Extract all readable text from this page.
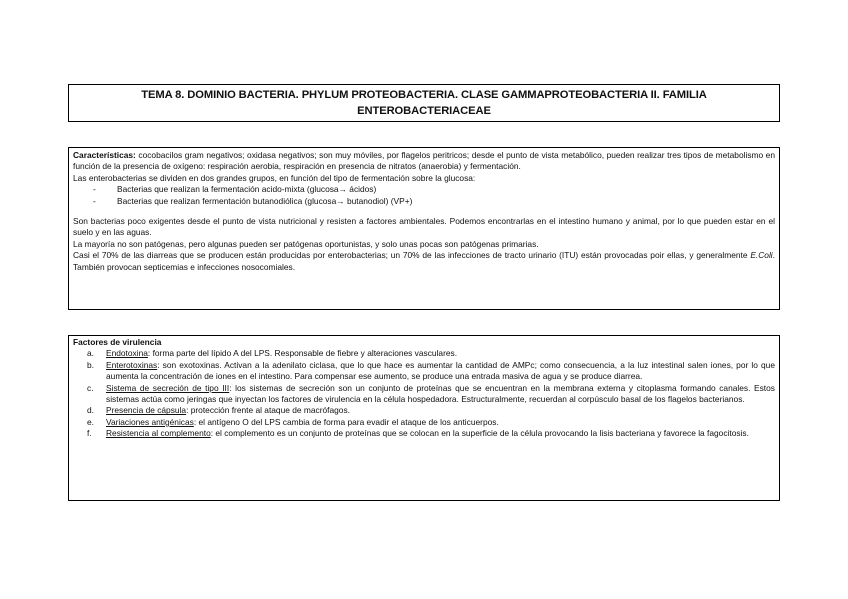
TEMA 8. DOMINIO BACTERIA. PHYLUM PROTEOBACTERIA. CLASE GAMMAPROTEOBACTERIA II. FAMILIA
ENTEROBACTERIACEAE

Características: cocobacilos gram negativos; oxidasa negativos; son muy móviles, por flagelos peritricos; desde el punto de vista metabólico, pueden realizar tres tipos de metabolismo en función de la presencia de oxígeno: respiración aerobia, respiración en presencia de nitratos (anaerobia) y fermentación.

Las enterobacterias se dividen en dos grandes grupos, en función del tipo de fermentación sobre la glucosa:

-	Bacterias que realizan la fermentación acido-mixta (glucosa→ ácidos)
-	Bacterias que realizan fermentación butanodiólica (glucosa→ butanodiol) (VP+)

Son bacterias poco exigentes desde el punto de vista nutricional y resisten a factores ambientales. Podemos encontrarlas en el intestino humano y animal, por lo que pueden estar en el suelo y en las aguas.

La mayoría no son patógenas, pero algunas pueden ser patógenas oportunistas, y solo unas pocas son patógenas primarias.

Casi el 70% de las diarreas que se producen están producidas por enterobacterias; un 70% de las infecciones de tracto urinario (ITU) están provocadas poir ellas, y generalmente E.Coli. También provocan septicemias e infecciones nosocomiales.

Factores de virulencia

a. Endotoxina: forma parte del lípido A del LPS. Responsable de fiebre y alteraciones vasculares.
b. Enterotoxinas: son exotoxinas. Activan a la adenilato ciclasa, que lo que hace es aumentar la cantidad de AMPc; como consecuencia, a la luz intestinal salen iones, por lo que aumenta la concentración de iones en el intestino. Para compensar ese aumento, se produce una entrada masiva de agua y se produce diarrea.
c. Sistema de secreción de tipo III: los sistemas de secreción son un conjunto de proteínas que se encuentran en la membrana externa y citoplasma formando canales. Estos sistemas actúa como jeringas que inyectan los factores de virulencia en la célula hospedadora. Estructuralmente, recuerdan al corpúsculo basal de los flagelos bacterianos.
d. Presencia de cápsula: protección frente al ataque de macrófagos.
e. Variaciones antigénicas: el antígeno O del LPS cambia de forma para evadir el ataque de los anticuerpos.
f. Resistencia al complemento: el complemento es un conjunto de proteínas que se colocan en la superficie de la célula provocando la lisis bacteriana y favorece la fagocitosis.
